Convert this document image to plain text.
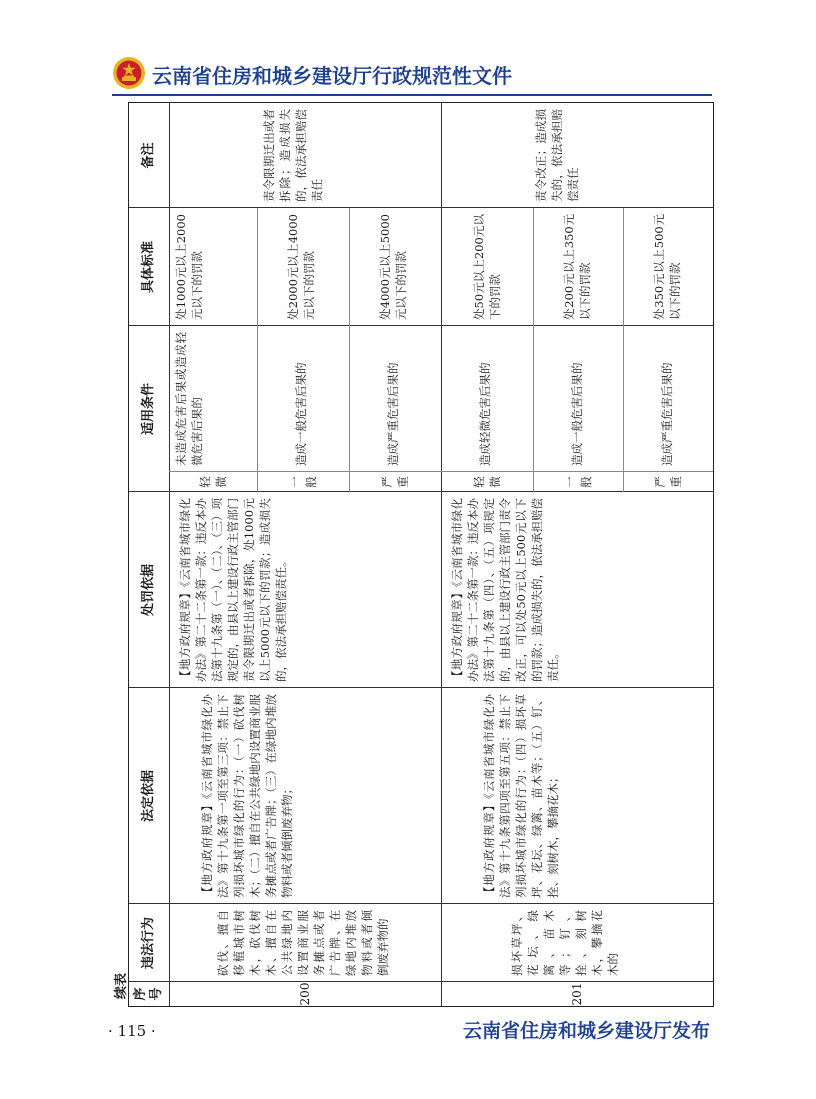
云南省住房和城乡建设厅行政规范性文件
续表 序号
违法行为
法定依据
处罚依据
适用条件
具体标准
备注
200
砍伐、擅自移植城市树木，砍伐树木、擅自在公共绿地内设置商业服务摊点或者广告牌、在绿地内堆放物料或者倾倒废弃物的
【地方政府规章】《云南省城市绿化办法》第十九条第一项至第三项：禁止下列损坏城市绿化的行为：（一）砍伐树木；（二）擅自在公共绿地内设置商业服务摊点或者广告牌；（三）在绿地内堆放物料或者倾倒废弃物；
【地方政府规章】《云南省城市绿化办法》第二十二条第一款：违反本办法第十九条第（一）、（二）、（三）项规定的，由县以上建设行政主管部门责令限期迁出或者拆除，处1000元以上5000元以下的罚款；造成损失的，依法承担赔偿责任。
轻微
未造成危害后果或造成轻微危害后果的
处1000元以上2000元以下的罚款
一般
造成一般危害后果的
处2000元以上4000元以下的罚款
严重
造成严重危害后果的
处4000元以上5000元以下的罚款
责令限期迁出或者拆除；造成损失的，依法承担赔偿责任
201
损坏草坪、花坛、绿篱、苗木等；钉、拴、刻树木，攀摘花木的
【地方政府规章】《云南省城市绿化办法》第十九条第四项至第五项：禁止下列损坏城市绿化的行为：（四）损坏草坪、花坛、绿篱、苗木等；（五）钉、拴、刻树木，攀摘花木；
【地方政府规章】《云南省城市绿化办法》第二十二条第一款：违反本办法第十九条第（四）、（五）项规定的，由县以上建设行政主管部门责令改正，可以处50元以上500元以下的罚款；造成损失的，依法承担赔偿责任。
轻微
造成轻微危害后果的
处50元以上200元以下的罚款
一般
造成一般危害后果的
处200元以上350元以下的罚款
严重
造成严重危害后果的
处350元以上500元以下的罚款
责令改正；造成损失的，依法承担赔偿责任
· 115 ·	云南省住房和城乡建设厅发布
